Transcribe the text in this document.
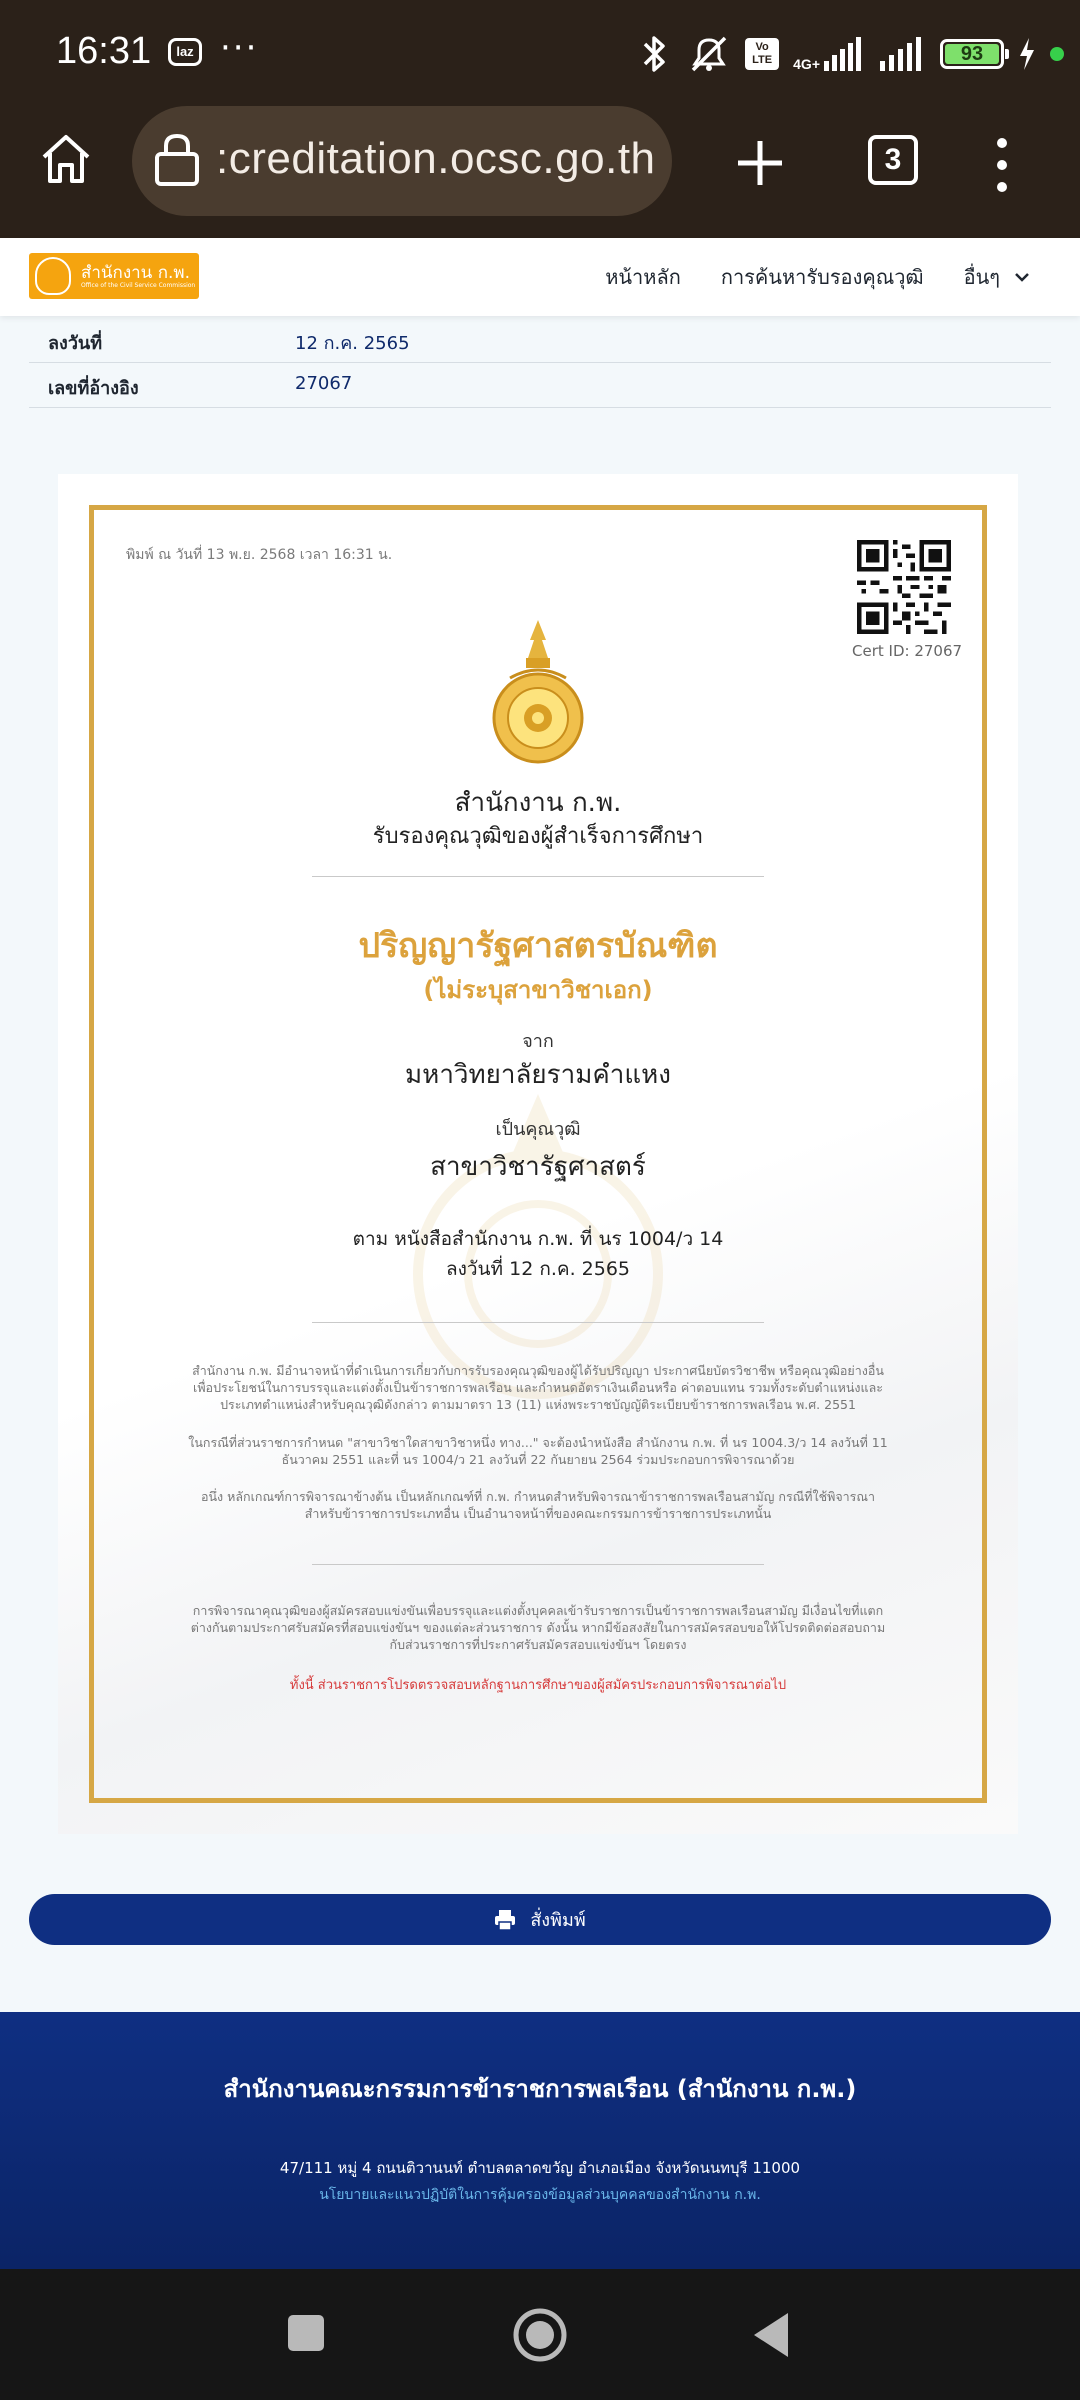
16:31	laz ···	Vo LTE	4G+	93
:creditation.ocsc.go.th	3
สำนักงาน ก.พ.
Office of the Civil Service Commission	หน้าหลัก การค้นหารับรองคุณวุฒิ อื่นๆ
ลงวันที่	12 ก.ค. 2565
เลขที่อ้างอิง	27067
พิมพ์ ณ วันที่ 13 พ.ย. 2568 เวลา 16:31 น.
Cert ID: 27067
สำนักงาน ก.พ.
รับรองคุณวุฒิของผู้สำเร็จการศึกษา
ปริญญารัฐศาสตรบัณฑิต
(ไม่ระบุสาขาวิชาเอก)
จาก
มหาวิทยาลัยรามคำแหง
เป็นคุณวุฒิ
สาขาวิชารัฐศาสตร์
ตาม หนังสือสำนักงาน ก.พ. ที่ นร 1004/ว 14
ลงวันที่ 12 ก.ค. 2565
สำนักงาน ก.พ. มีอำนาจหน้าที่ดำเนินการเกี่ยวกับการรับรองคุณวุฒิของผู้ได้รับปริญญา ประกาศนียบัตรวิชาชีพ หรือคุณวุฒิอย่างอื่น เพื่อประโยชน์ในการบรรจุและแต่งตั้งเป็นข้าราชการพลเรือน และกำหนดอัตราเงินเดือนหรือ ค่าตอบแทน รวมทั้งระดับตำแหน่งและประเภทตำแหน่งสำหรับคุณวุฒิดังกล่าว ตามมาตรา 13 (11) แห่งพระราชบัญญัติระเบียบข้าราชการพลเรือน พ.ศ. 2551
ในกรณีที่ส่วนราชการกำหนด "สาขาวิชาใดสาขาวิชาหนึ่ง ทาง..." จะต้องนำหนังสือ สำนักงาน ก.พ. ที่ นร 1004.3/ว 14 ลงวันที่ 11 ธันวาคม 2551 และที่ นร 1004/ว 21 ลงวันที่ 22 กันยายน 2564 ร่วมประกอบการพิจารณาด้วย
อนึ่ง หลักเกณฑ์การพิจารณาข้างต้น เป็นหลักเกณฑ์ที่ ก.พ. กำหนดสำหรับพิจารณาข้าราชการพลเรือนสามัญ กรณีที่ใช้พิจารณาสำหรับข้าราชการประเภทอื่น เป็นอำนาจหน้าที่ของคณะกรรมการข้าราชการประเภทนั้น
การพิจารณาคุณวุฒิของผู้สมัครสอบแข่งขันเพื่อบรรจุและแต่งตั้งบุคคลเข้ารับราชการเป็นข้าราชการพลเรือนสามัญ มีเงื่อนไขที่แตกต่างกันตามประกาศรับสมัครที่สอบแข่งขันฯ ของแต่ละส่วนราชการ ดังนั้น หากมีข้อสงสัยในการสมัครสอบขอให้โปรดติดต่อสอบถามกับส่วนราชการที่ประกาศรับสมัครสอบแข่งขันฯ โดยตรง
ทั้งนี้ ส่วนราชการโปรดตรวจสอบหลักฐานการศึกษาของผู้สมัครประกอบการพิจารณาต่อไป
สั่งพิมพ์
สำนักงานคณะกรรมการข้าราชการพลเรือน (สำนักงาน ก.พ.)
47/111 หมู่ 4 ถนนติวานนท์ ตำบลตลาดขวัญ อำเภอเมือง จังหวัดนนทบุรี 11000
นโยบายและแนวปฏิบัติในการคุ้มครองข้อมูลส่วนบุคคลของสำนักงาน ก.พ.
